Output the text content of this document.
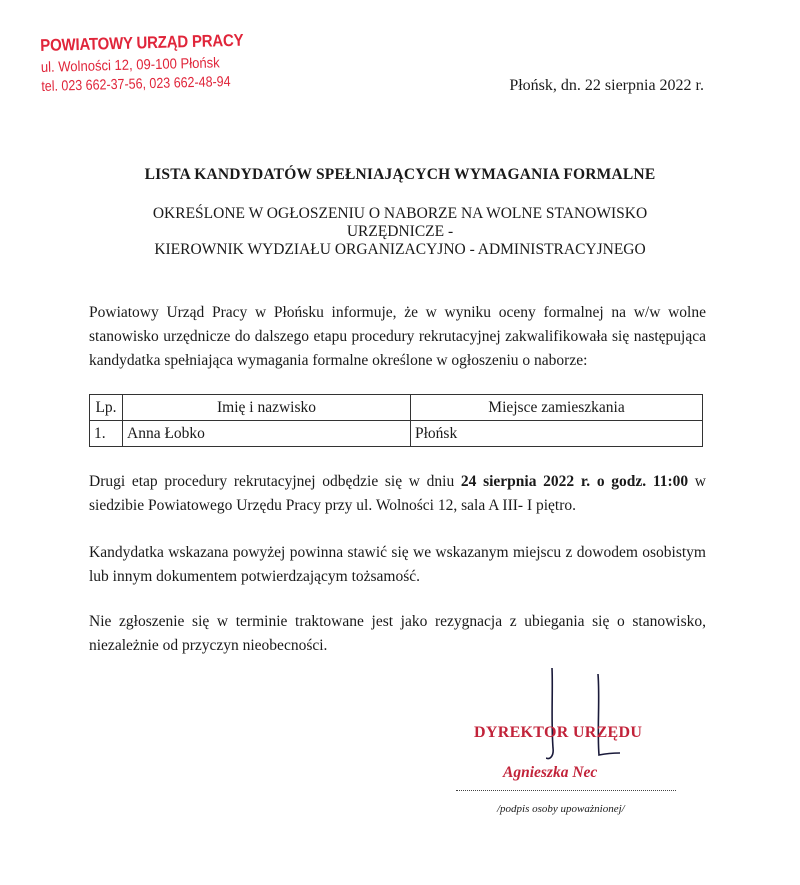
POWIATOWY URZĄD PRACY
ul. Wolności 12, 09-100 Płońsk
tel. 023 662-37-56, 023 662-48-94	Płońsk, dn. 22 sierpnia 2022 r.
LISTA KANDYDATÓW SPEŁNIAJĄCYCH WYMAGANIA FORMALNE
OKREŚLONE W OGŁOSZENIU O NABORZE NA WOLNE STANOWISKO
URZĘDNICZE -
KIEROWNIK WYDZIAŁU ORGANIZACYJNO - ADMINISTRACYJNEGO
Powiatowy Urząd Pracy w Płońsku informuje, że w wyniku oceny formalnej na w/w wolne stanowisko urzędnicze do dalszego etapu procedury rekrutacyjnej zakwalifikowała się następująca kandydatka spełniająca wymagania formalne określone w ogłoszeniu o naborze:
Lp.	Imię i nazwisko	Miejsce zamieszkania
1.	Anna Łobko	Płońsk
Drugi etap procedury rekrutacyjnej odbędzie się w dniu 24 sierpnia 2022 r. o godz. 11:00 w siedzibie Powiatowego Urzędu Pracy przy ul. Wolności 12, sala A III- I piętro.
Kandydatka wskazana powyżej powinna stawić się we wskazanym miejscu z dowodem osobistym lub innym dokumentem potwierdzającym tożsamość.
Nie zgłoszenie się w terminie traktowane jest jako rezygnacja z ubiegania się o stanowisko, niezależnie od przyczyn nieobecności.
DYREKTOR URZĘDU
Agnieszka Nec
/podpis osoby upoważnionej/
